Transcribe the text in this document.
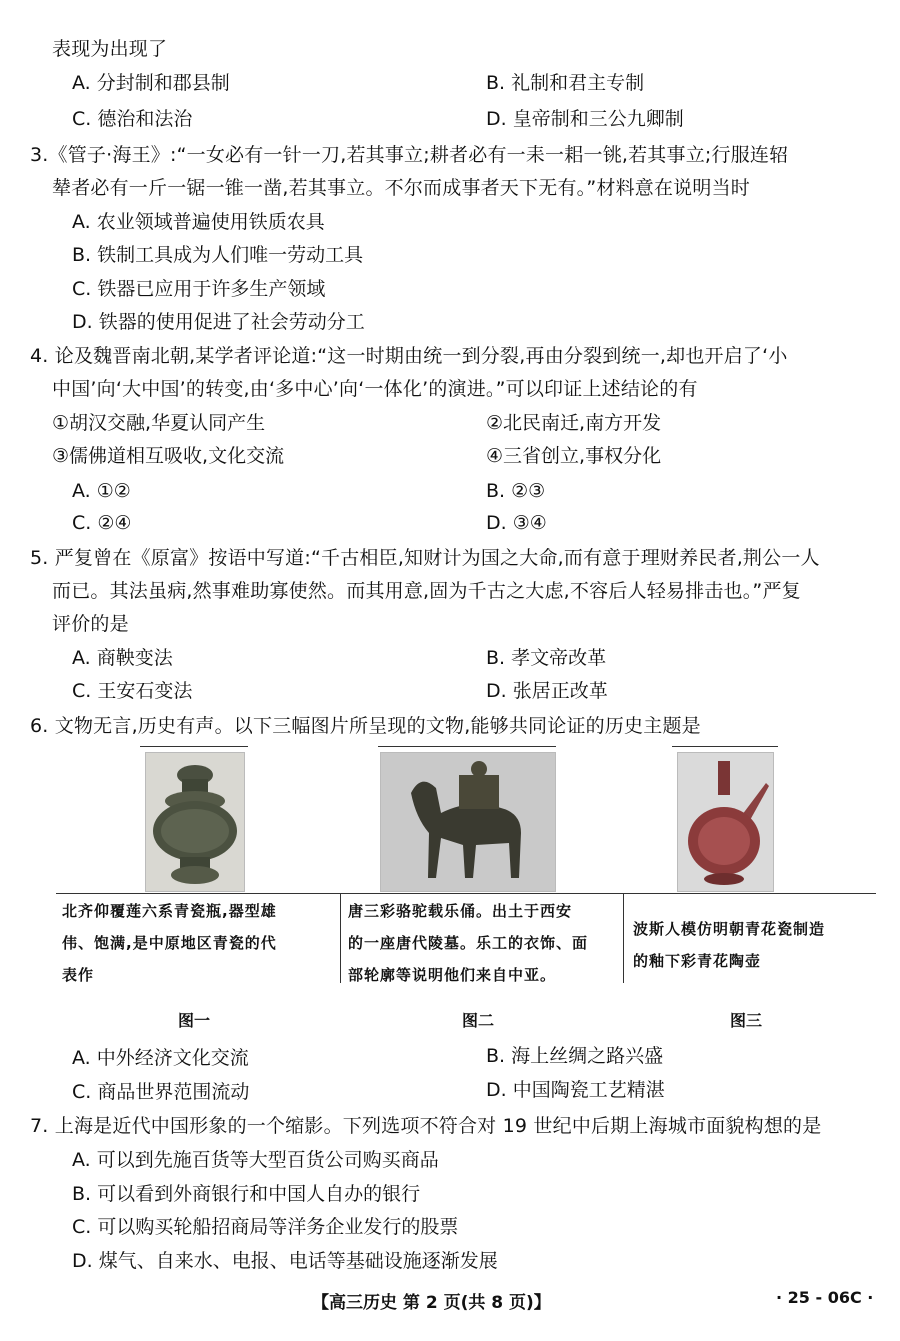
表现为出现了
A. 分封制和郡县制	B. 礼制和君主专制
C. 德治和法治	D. 皇帝制和三公九卿制
3.《管子·海王》:“一女必有一针一刀,若其事立;耕者必有一耒一耜一铫,若其事立;行服连轺
辇者必有一斤一锯一锥一凿,若其事立。不尔而成事者天下无有。”材料意在说明当时
A. 农业领域普遍使用铁质农具
B. 铁制工具成为人们唯一劳动工具
C. 铁器已应用于许多生产领域
D. 铁器的使用促进了社会劳动分工
4. 论及魏晋南北朝,某学者评论道:“这一时期由统一到分裂,再由分裂到统一,却也开启了‘小
中国’向‘大中国’的转变,由‘多中心’向‘一体化’的演进。”可以印证上述结论的有
①胡汉交融,华夏认同产生	②北民南迁,南方开发
③儒佛道相互吸收,文化交流	④三省创立,事权分化
A. ①②	B. ②③
C. ②④	D. ③④
5. 严复曾在《原富》按语中写道:“千古相臣,知财计为国之大命,而有意于理财养民者,荆公一人
而已。其法虽病,然事难助寡使然。而其用意,固为千古之大虑,不容后人轻易排击也。”严复
评价的是
A. 商鞅变法	B. 孝文帝改革
C. 王安石变法	D. 张居正改革
6. 文物无言,历史有声。以下三幅图片所呈现的文物,能够共同论证的历史主题是
北齐仰覆莲六系青瓷瓶,器型雄
伟、饱满,是中原地区青瓷的代
表作
唐三彩骆驼载乐俑。出土于西安
的一座唐代陵墓。乐工的衣饰、面
部轮廓等说明他们来自中亚。
波斯人模仿明朝青花瓷制造
的釉下彩青花陶壶
图一	图二	图三
A. 中外经济文化交流	B. 海上丝绸之路兴盛
C. 商品世界范围流动	D. 中国陶瓷工艺精湛
7. 上海是近代中国形象的一个缩影。下列选项不符合对 19 世纪中后期上海城市面貌构想的是
A. 可以到先施百货等大型百货公司购买商品
B. 可以看到外商银行和中国人自办的银行
C. 可以购买轮船招商局等洋务企业发行的股票
D. 煤气、自来水、电报、电话等基础设施逐渐发展
【高三历史 第 2 页(共 8 页)】	· 25 - 06C ·
